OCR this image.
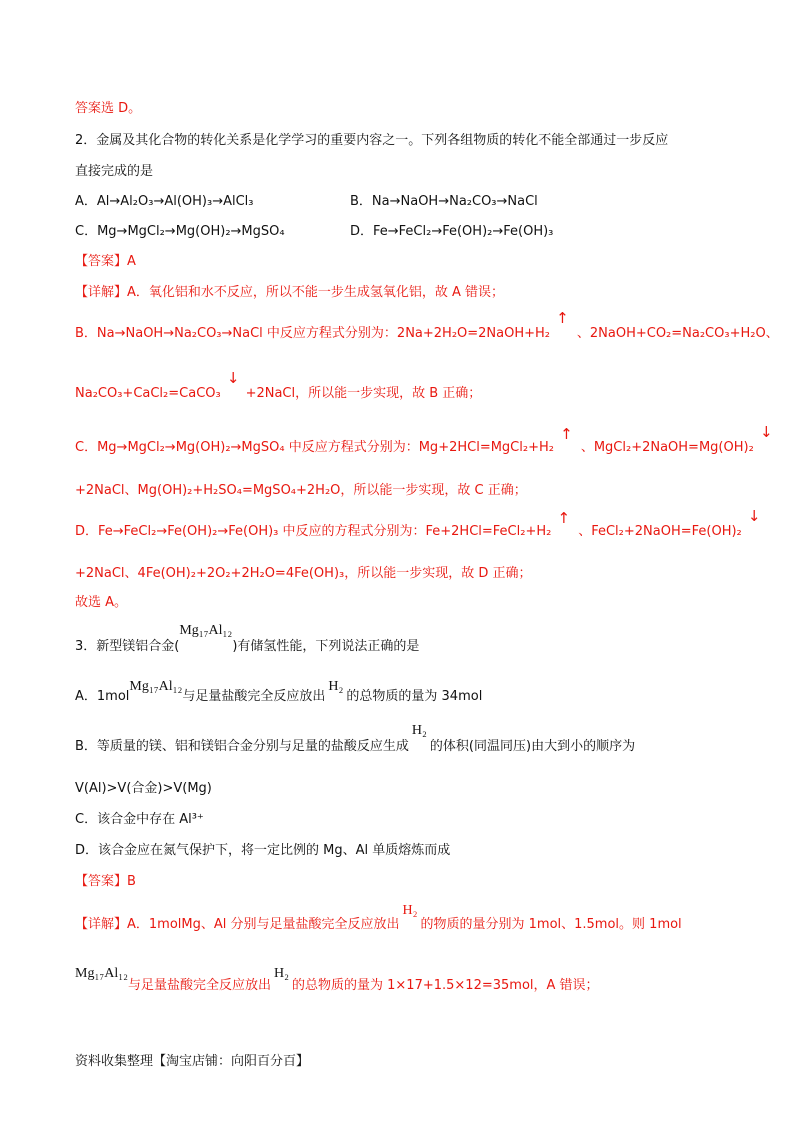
答案选 D。
2．金属及其化合物的转化关系是化学学习的重要内容之一。下列各组物质的转化不能全部通过一步反应
直接完成的是
A．Al→Al₂O₃→Al(OH)₃→AlCl₃	B．Na→NaOH→Na₂CO₃→NaCl
C．Mg→MgCl₂→Mg(OH)₂→MgSO₄	D．Fe→FeCl₂→Fe(OH)₂→Fe(OH)₃
【答案】A
【详解】A．氧化铝和水不反应，所以不能一步生成氢氧化铝，故 A 错误；
B．Na→NaOH→Na₂CO₃→NaCl 中反应方程式分别为：2Na+2H₂O=2NaOH+H₂ ↑ 、2NaOH+CO₂=Na₂CO₃+H₂O、
Na₂CO₃+CaCl₂=CaCO₃ ↓ +2NaCl，所以能一步实现，故 B 正确；
C．Mg→MgCl₂→Mg(OH)₂→MgSO₄ 中反应方程式分别为：Mg+2HCl=MgCl₂+H₂ ↑ 、MgCl₂+2NaOH=Mg(OH)₂ ↓
+2NaCl、Mg(OH)₂+H₂SO₄=MgSO₄+2H₂O，所以能一步实现，故 C 正确；
D．Fe→FeCl₂→Fe(OH)₂→Fe(OH)₃ 中反应的方程式分别为：Fe+2HCl=FeCl₂+H₂ ↑ 、FeCl₂+2NaOH=Fe(OH)₂ ↓
+2NaCl、4Fe(OH)₂+2O₂+2H₂O=4Fe(OH)₃，所以能一步实现，故 D 正确；
故选 A。
3．新型镁铝合金(Mg₁₇Al₁₂)有储氢性能，下列说法正确的是
A．1molMg₁₇Al₁₂与足量盐酸完全反应放出H₂的总物质的量为 34mol
B．等质量的镁、铝和镁铝合金分别与足量的盐酸反应生成H₂的体积(同温同压)由大到小的顺序为
V(Al)>V(合金)>V(Mg)
C．该合金中存在 Al³⁺
D．该合金应在氮气保护下，将一定比例的 Mg、Al 单质熔炼而成
【答案】B
【详解】A．1molMg、Al 分别与足量盐酸完全反应放出H₂的物质的量分别为 1mol、1.5mol。则 1mol
Mg₁₇Al₁₂与足量盐酸完全反应放出H₂的总物质的量为 1×17+1.5×12=35mol，A 错误；
资料收集整理【淘宝店铺：向阳百分百】
